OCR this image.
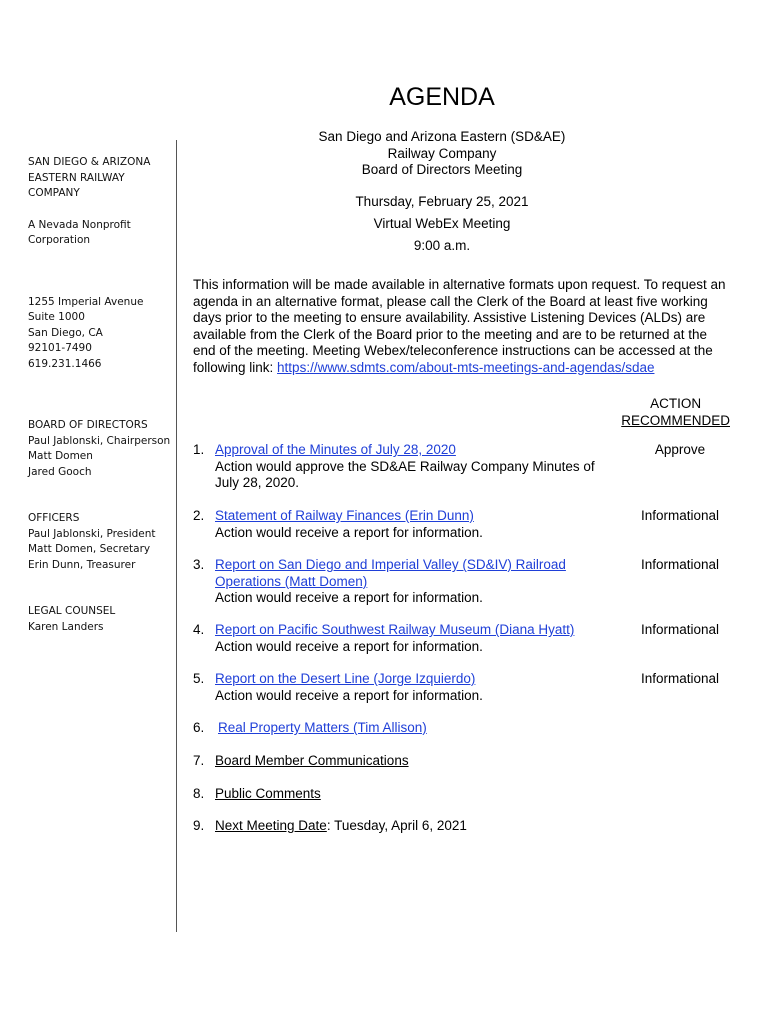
AGENDA
SAN DIEGO & ARIZONA
EASTERN RAILWAY
COMPANY
A Nevada Nonprofit
Corporation
1255 Imperial Avenue
Suite 1000
San Diego, CA
92101-7490
619.231.1466
BOARD OF DIRECTORS
Paul Jablonski, Chairperson
Matt Domen
Jared Gooch
OFFICERS
Paul Jablonski, President
Matt Domen, Secretary
Erin Dunn, Treasurer
LEGAL COUNSEL
Karen Landers
San Diego and Arizona Eastern (SD&AE)
Railway Company
Board of Directors Meeting
Thursday, February 25, 2021
Virtual WebEx Meeting
9:00 a.m.
This information will be made available in alternative formats upon request. To request an agenda in an alternative format, please call the Clerk of the Board at least five working days prior to the meeting to ensure availability. Assistive Listening Devices (ALDs) are available from the Clerk of the Board prior to the meeting and are to be returned at the end of the meeting. Meeting Webex/teleconference instructions can be accessed at the following link: https://www.sdmts.com/about-mts-meetings-and-agendas/sdae
ACTION
RECOMMENDED
1. Approval of the Minutes of July 28, 2020
Action would approve the SD&AE Railway Company Minutes of July 28, 2020.
Approve
2. Statement of Railway Finances (Erin Dunn)
Action would receive a report for information.
Informational
3. Report on San Diego and Imperial Valley (SD&IV) Railroad Operations (Matt Domen)
Action would receive a report for information.
Informational
4. Report on Pacific Southwest Railway Museum (Diana Hyatt)
Action would receive a report for information.
Informational
5. Report on the Desert Line (Jorge Izquierdo)
Action would receive a report for information.
Informational
6.	Real Property Matters (Tim Allison)
7. Board Member Communications
8. Public Comments
9. Next Meeting Date: Tuesday, April 6, 2021
